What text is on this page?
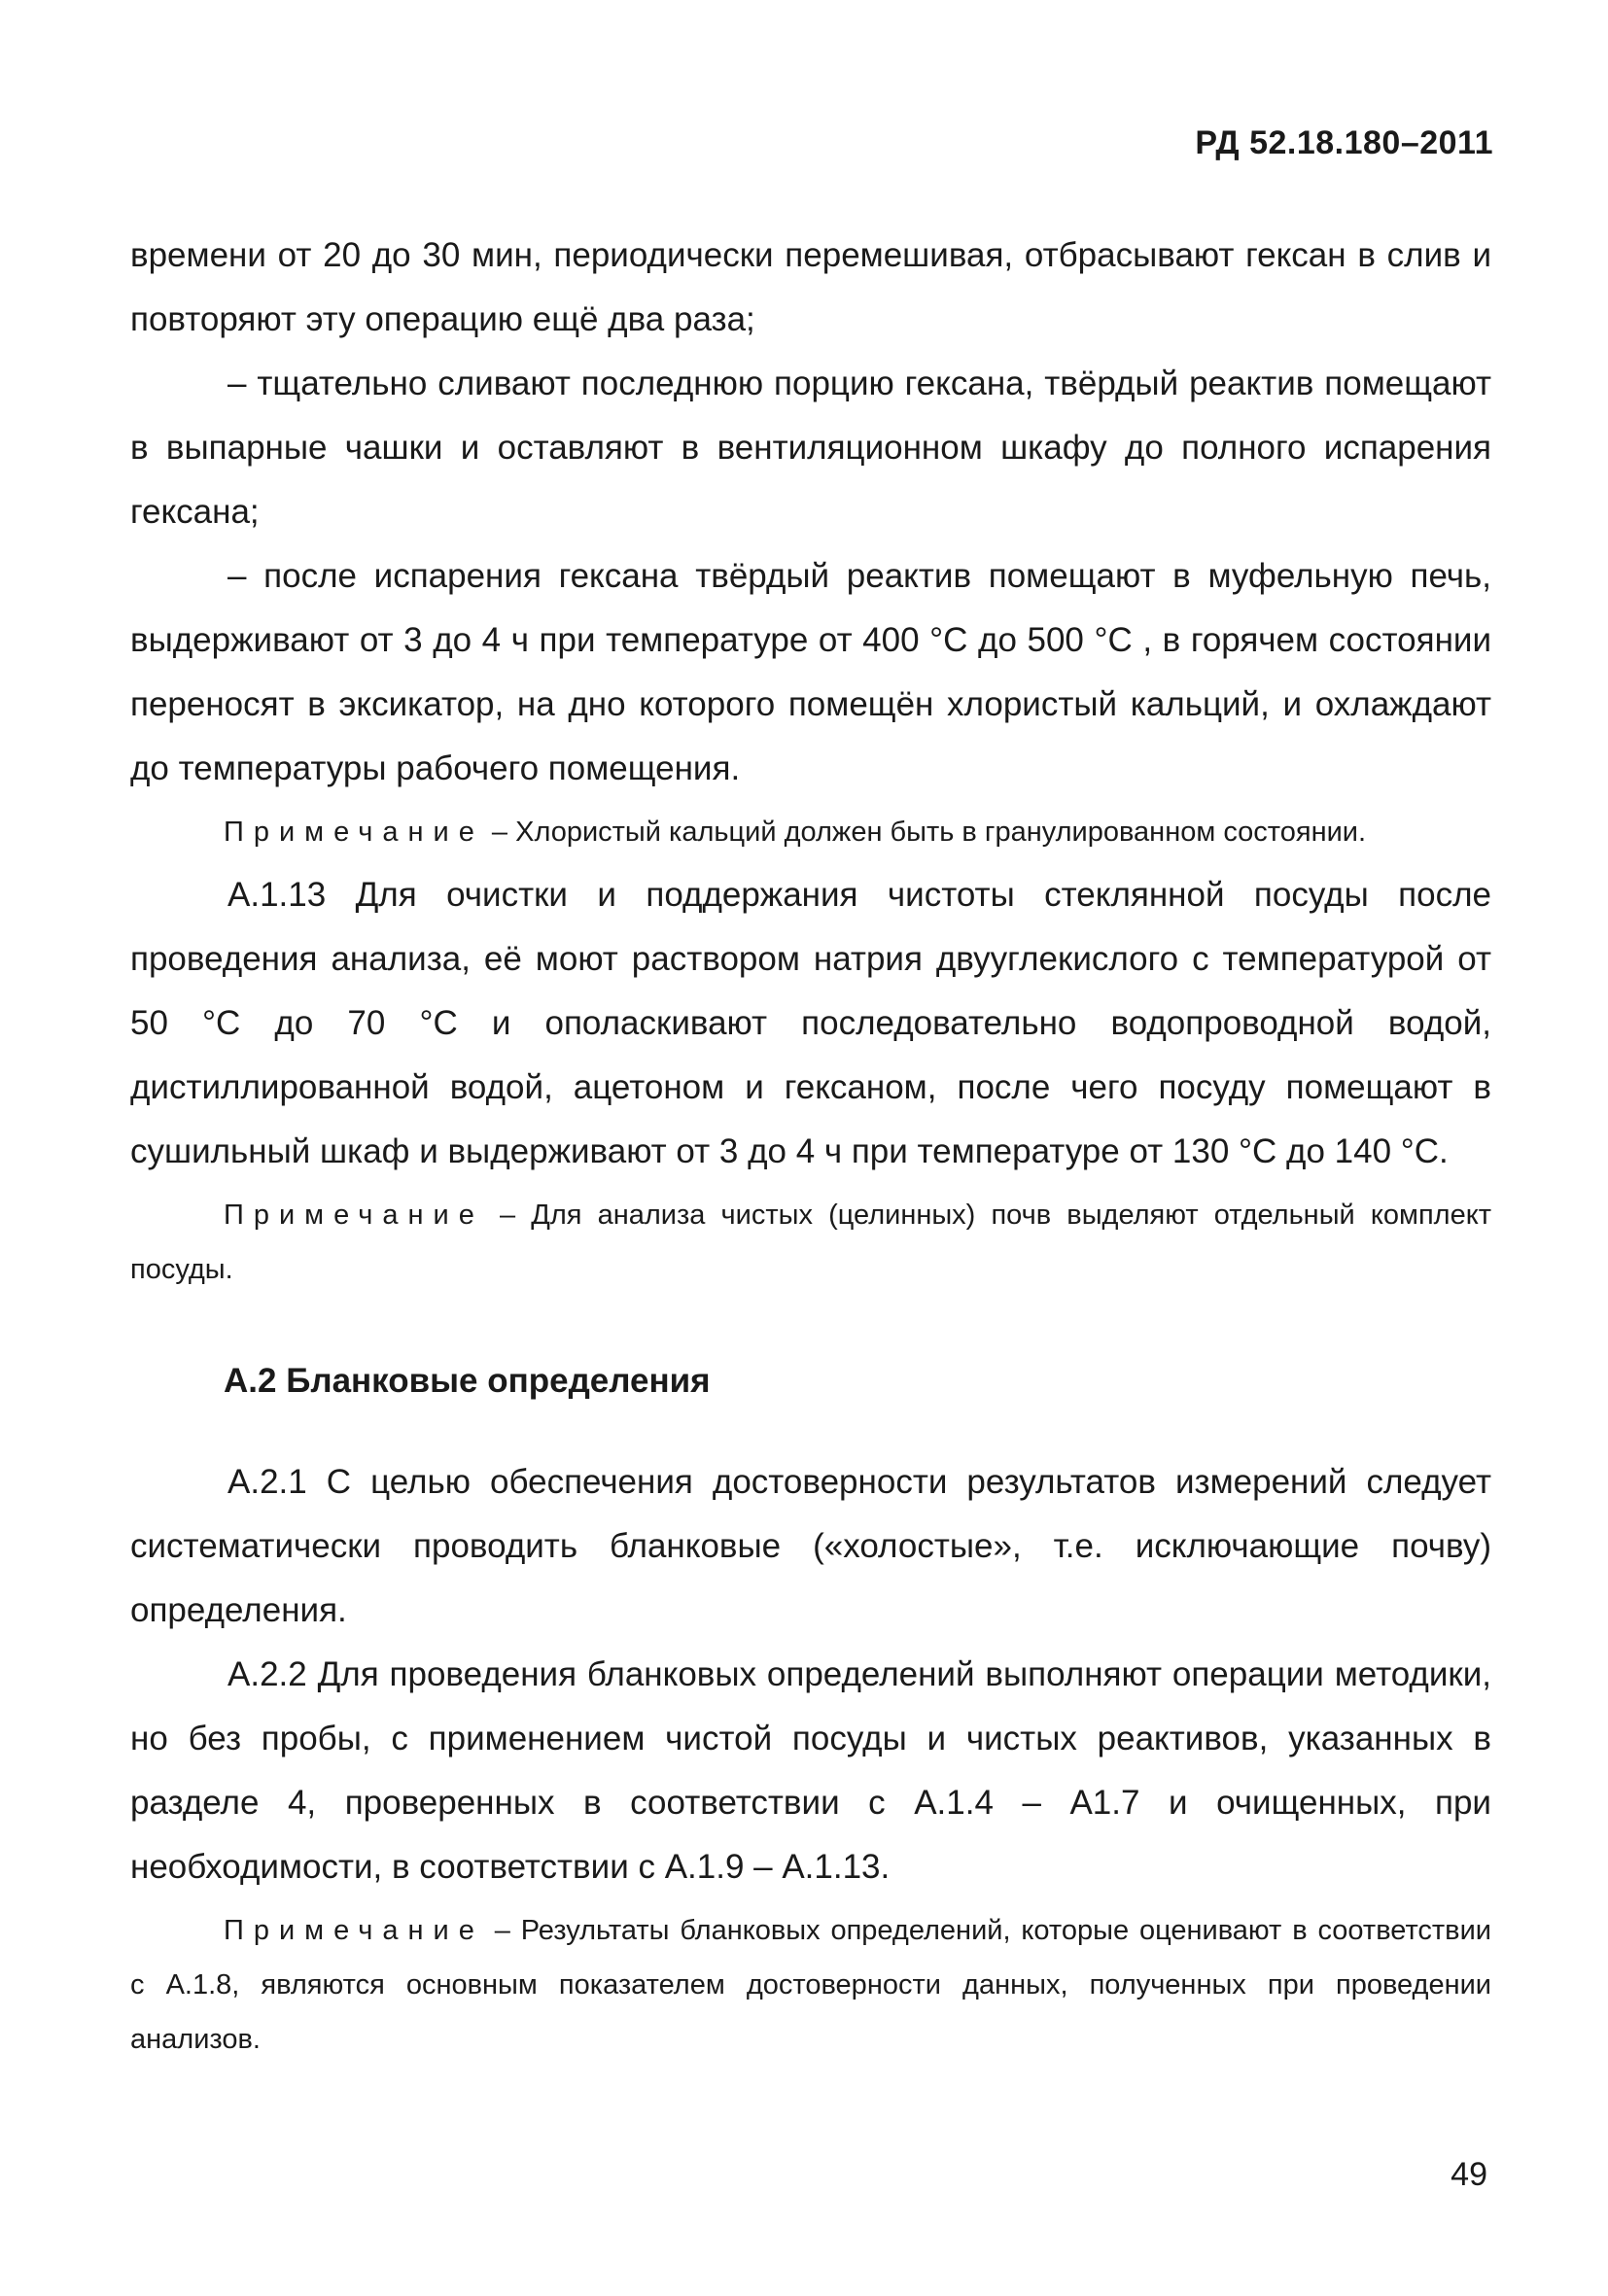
РД 52.18.180–2011

времени от 20 до 30 мин, периодически перемешивая, отбрасывают гексан в слив и повторяют эту операцию ещё два раза;

– тщательно сливают последнюю порцию гексана, твёрдый реактив помещают в выпарные чашки и оставляют в вентиляционном шкафу до полного испарения гексана;

– после испарения гексана твёрдый реактив помещают в муфельную печь, выдерживают от 3 до 4 ч при температуре от 400 °С до 500 °С , в горячем состоянии переносят в эксикатор, на дно которого помещён хлористый кальций, и охлаждают до температуры рабочего помещения.

Примечание – Хлористый кальций должен быть в гранулированном состоянии.

А.1.13 Для очистки и поддержания чистоты стеклянной посуды после проведения анализа, её моют раствором натрия двууглекислого с температурой от 50 °С до 70 °С и ополаскивают последовательно водопроводной водой, дистиллированной водой, ацетоном и гексаном, после чего посуду помещают в сушильный шкаф и выдерживают от 3 до 4 ч при температуре от 130 °С до 140 °С.

Примечание – Для анализа чистых (целинных) почв выделяют отдельный комплект посуды.

А.2 Бланковые определения

А.2.1 С целью обеспечения достоверности результатов измерений следует систематически проводить бланковые («холостые», т.е. исключающие почву) определения.

А.2.2 Для проведения бланковых определений выполняют операции методики, но без пробы, с применением чистой посуды и чистых реактивов, указанных в разделе 4, проверенных в соответствии с А.1.4 – А1.7 и очищенных, при необходимости, в соответствии с А.1.9 – А.1.13.

Примечание – Результаты бланковых определений, которые оценивают в соответствии с А.1.8, являются основным показателем достоверности данных, полученных при проведении анализов.

49
